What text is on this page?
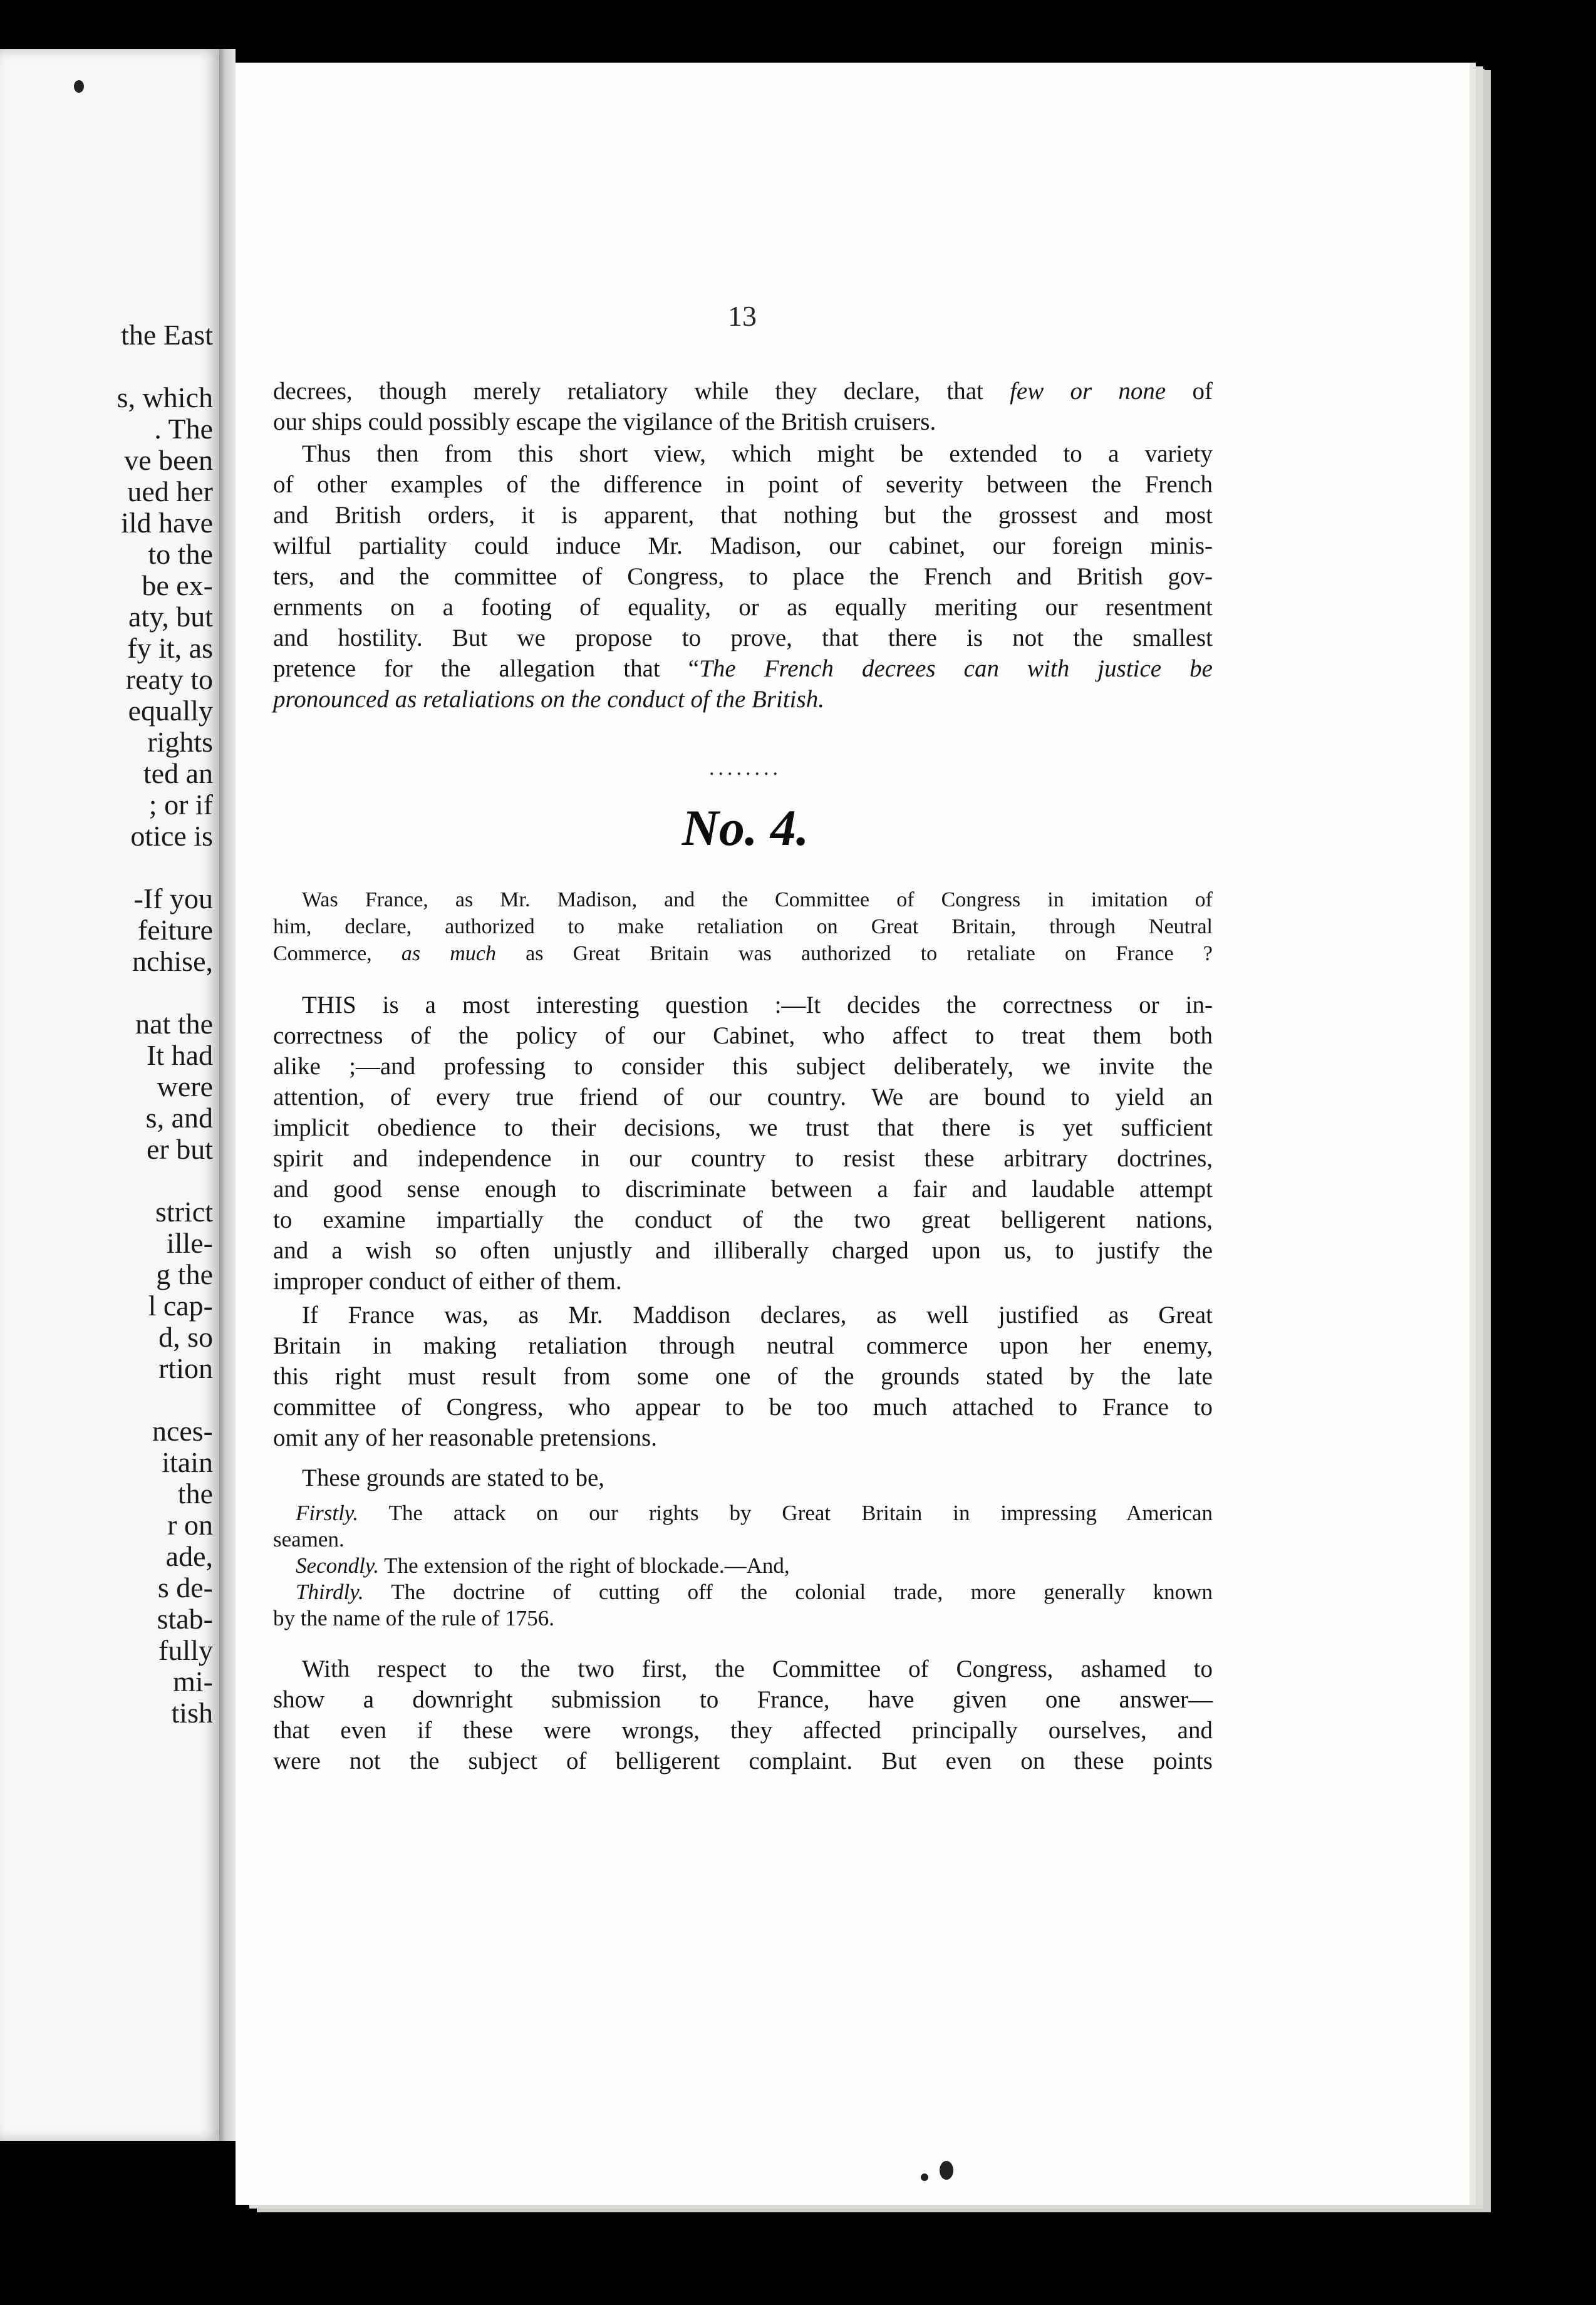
the East
s, which
. The
ve been
ued her
ild have
to the
be ex-
aty, but
fy it, as
reaty to
equally
rights
ted an
; or if
otice is
-If you
feiture
nchise,
nat the
It had
were
s, and
er but
strict
ille-
g the
l cap-
d, so
rtion
nces-
itain
the
r on
ade,
s de-
stab-
fully
mi-
tish
13
decrees, though merely retaliatory while they declare, that few or none of
our ships could possibly escape the vigilance of the British cruisers.
Thus then from this short view, which might be extended to a variety
of other examples of the difference in point of severity between the French
and British orders, it is apparent, that nothing but the grossest and most
wilful partiality could induce Mr. Madison, our cabinet, our foreign minis-
ters, and the committee of Congress, to place the French and British gov-
ernments on a footing of equality, or as equally meriting our resentment
and hostility. But we propose to prove, that there is not the smallest
pretence for the allegation that “The French decrees can with justice be
pronounced as retaliations on the conduct of the British.
........
No. 4.
Was France, as Mr. Madison, and the Committee of Congress in imitation of
him, declare, authorized to make retaliation on Great Britain, through Neutral
Commerce, as much as Great Britain was authorized to retaliate on France ?
THIS is a most interesting question :—It decides the correctness or in-
correctness of the policy of our Cabinet, who affect to treat them both
alike ;—and professing to consider this subject deliberately, we invite the
attention, of every true friend of our country. We are bound to yield an
implicit obedience to their decisions, we trust that there is yet sufficient
spirit and independence in our country to resist these arbitrary doctrines,
and good sense enough to discriminate between a fair and laudable attempt
to examine impartially the conduct of the two great belligerent nations,
and a wish so often unjustly and illiberally charged upon us, to justify the
improper conduct of either of them.
If France was, as Mr. Maddison declares, as well justified as Great
Britain in making retaliation through neutral commerce upon her enemy,
this right must result from some one of the grounds stated by the late
committee of Congress, who appear to be too much attached to France to
omit any of her reasonable pretensions.
These grounds are stated to be,
Firstly. The attack on our rights by Great Britain in impressing American
seamen.
Secondly. The extension of the right of blockade.—And,
Thirdly. The doctrine of cutting off the colonial trade, more generally known
by the name of the rule of 1756.
With respect to the two first, the Committee of Congress, ashamed to
show a downright submission to France, have given one answer—
that even if these were wrongs, they affected principally ourselves, and
were not the subject of belligerent complaint. But even on these points
